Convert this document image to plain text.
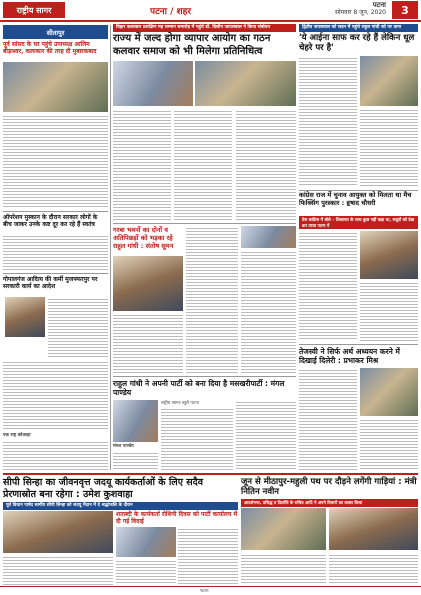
राष्ट्रीय सागर	पटना / शहर
पटना
सोमवार 8 जून, 2020	3
सीतापुर
पूर्व सांसद के घर पहुंचे उपाध्यक्ष आलिम बीड़ाश्वर, कलाकार की तरह दी मुबारकबाद
ऑपरेशन मुस्कान के दौरान सरकार लोगों के बीच जाकर उनके कष्ट दूर कर रहे हैं स्वतंत्र
गोपालगंज आदित्य की कर्मी मुजफ्फरपुर पर सरकारी कार्य का आदेश
एक राष्ट्र कोकाहा
विहार कलाकार प्रशक्षिण मह सम्मान समारोह में पहुंचे डॉ. दिलीप जायसवाल ने किया संबोधन
राज्य में जल्द होगा व्यापार आयोग का गठन कलवार समाज को भी मिलेगा प्रतिनिधित्व
गरबा भवनों का दोनों व अतिपिछड़ों को भड़का रहे राहुल गांधी : संतोष सुमन
द्वितीय जयसवाल को सदन में पहुंचे राहुल गांधी को पर ताना
'ये आईना साफ कर रहे हैं लेकिन धूल चेहरे पर है'
कांग्रेस राज में चुनाव आयुक्त को मिलता था मैच फिक्सिंग पुरस्कार : हृषाद चौधरी
प्रेस कांफ्रेंस में बोले – शिकायत के साथ कुछ नहीं कहा था, सबूतों को देख कर ताजा पटना में
राहुल गांधी ने अपनी पार्टी को बना दिया है मसखरीपार्टी : मंगल पाण्डेय
मंगल पाण्डेय
राष्ट्रीय सागर ब्यूरो पटना
तेजस्वी ने सिर्फ अर्थ अध्ययन करने में दिखाई दिलेरी : प्रभाकर मिश्र
सीपी सिन्हा का जीवनवृत्त जदयू कार्यकर्ताओं के लिए सदैव प्रेरणास्रोत बना रहेगा : उमेश कुशवाहा
पूर्व विधान पार्षद स्वर्गीय सीपी सिन्हा को जदयू मैदान में दे श्रद्धांजलि के दौरान
शताब्दी के कार्यकर्ता रोशिनी दिवस को पार्टी कार्यालय में दी गई विदाई
जून से मीठापुर-महुली पथ पर दौड़ने लगेंगी गाड़ियां : मंत्री नितिन नवीन
आदर्शनगर, प्रसिद्ध व विज्ञप्ति के सचिव आदि ने अपने विचारों का व्यक्त किया
पटना
